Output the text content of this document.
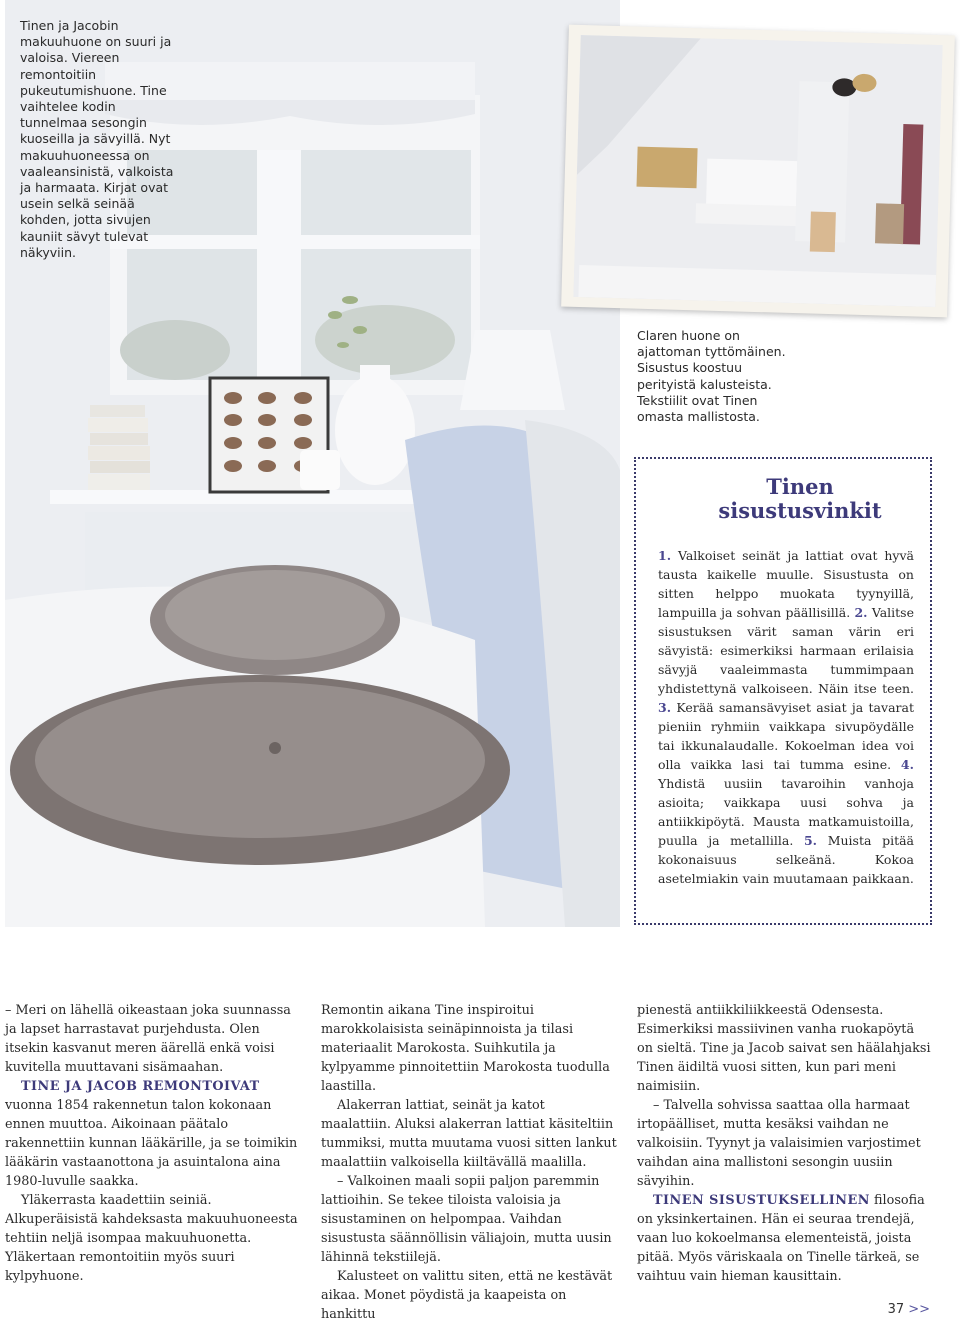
Tinen ja Jacobin makuuhuone on suuri ja valoisa. Viereen remontoitiin pukeutumishuone. Tine vaihtelee kodin tunnelmaa sesongin kuoseilla ja sävyillä. Nyt makuuhuoneessa on vaaleansinistä, valkoista ja harmaata. Kirjat ovat usein selkä seinää kohden, jotta sivujen kauniit sävyt tulevat näkyviin.
Claren huone on ajattoman tyttömäinen. Sisustus koostuu perityistä kalusteista. Tekstiilit ovat Tinen omasta mallistosta.
Tinen
sisustusvinkit
1. Valkoiset seinät ja lattiat ovat hyvä tausta kaikelle muulle. Sisustusta on sitten helppo muokata tyynyillä, lampuilla ja sohvan päällisillä. 2. Valitse sisustuksen värit saman värin eri sävyistä: esimerkiksi harmaan erilaisia sävyjä vaaleimmasta tummimpaan yhdistettynä valkoiseen. Näin itse teen. 3. Kerää samansävyiset asiat ja tavarat pieniin ryhmiin vaikkapa sivupöydälle tai ikkunalaudalle. Kokoelman idea voi olla vaikka lasi tai tumma esine. 4. Yhdistä uusiin tavaroihin vanhoja asioita; vaikkapa uusi sohva ja antiikkipöytä. Mausta matkamuistoilla, puulla ja metallilla. 5. Muista pitää kokonaisuus selkeänä. Kokoa asetelmiakin vain muutamaan paikkaan.

– Meri on lähellä oikeastaan joka suunnassa ja lapset harrastavat purjehdusta. Olen itsekin kasvanut meren äärellä enkä voisi kuvitella muuttavani sisämaahan.

TINE JA JACOB REMONTOIVAT vuonna 1854 rakennetun talon kokonaan ennen muuttoa. Aikoinaan päätalo rakennettiin kunnan lääkärille, ja se toimikin lääkärin vastaanottona ja asuintalona aina 1980-luvulle saakka.

Yläkerrasta kaadettiin seiniä. Alkuperäisistä kahdeksasta makuuhuoneesta tehtiin neljä isompaa makuuhuonetta. Yläkertaan remontoitiin myös suuri kylpyhuone.

Remontin aikana Tine inspiroitui marokkolaisista seinäpinnoista ja tilasi materiaalit Marokosta. Suihkutila ja kylpyamme pinnoitettiin Marokosta tuodulla laastilla.

Alakerran lattiat, seinät ja katot maalattiin. Aluksi alakerran lattiat käsiteltiin tummiksi, mutta muutama vuosi sitten lankut maalattiin valkoisella kiiltävällä maalilla.

– Valkoinen maali sopii paljon paremmin lattioihin. Se tekee tiloista valoisia ja sisustaminen on helpompaa. Vaihdan sisustusta säännöllisin väliajoin, mutta uusin lähinnä tekstiilejä.

Kalusteet on valittu siten, että ne kestävät aikaa. Monet pöydistä ja kaapeista on hankittu

pienestä antiikkiliikkeestä Odensesta. Esimerkiksi massiivinen vanha ruokapöytä on sieltä. Tine ja Jacob saivat sen häälahjaksi Tinen äidiltä vuosi sitten, kun pari meni naimisiin.

– Talvella sohvissa saattaa olla harmaat irtopäälliset, mutta kesäksi vaihdan ne valkoisiin. Tyynyt ja valaisimien varjostimet vaihdan aina mallistoni sesongin uusiin sävyihin.

TINEN SISUSTUKSELLINEN filosofia on yksinkertainen. Hän ei seuraa trendejä, vaan luo kokoelmansa elementeistä, joista pitää. Myös väriskaala on Tinelle tärkeä, se vaihtuu vain hieman kausittain.

37 >>
